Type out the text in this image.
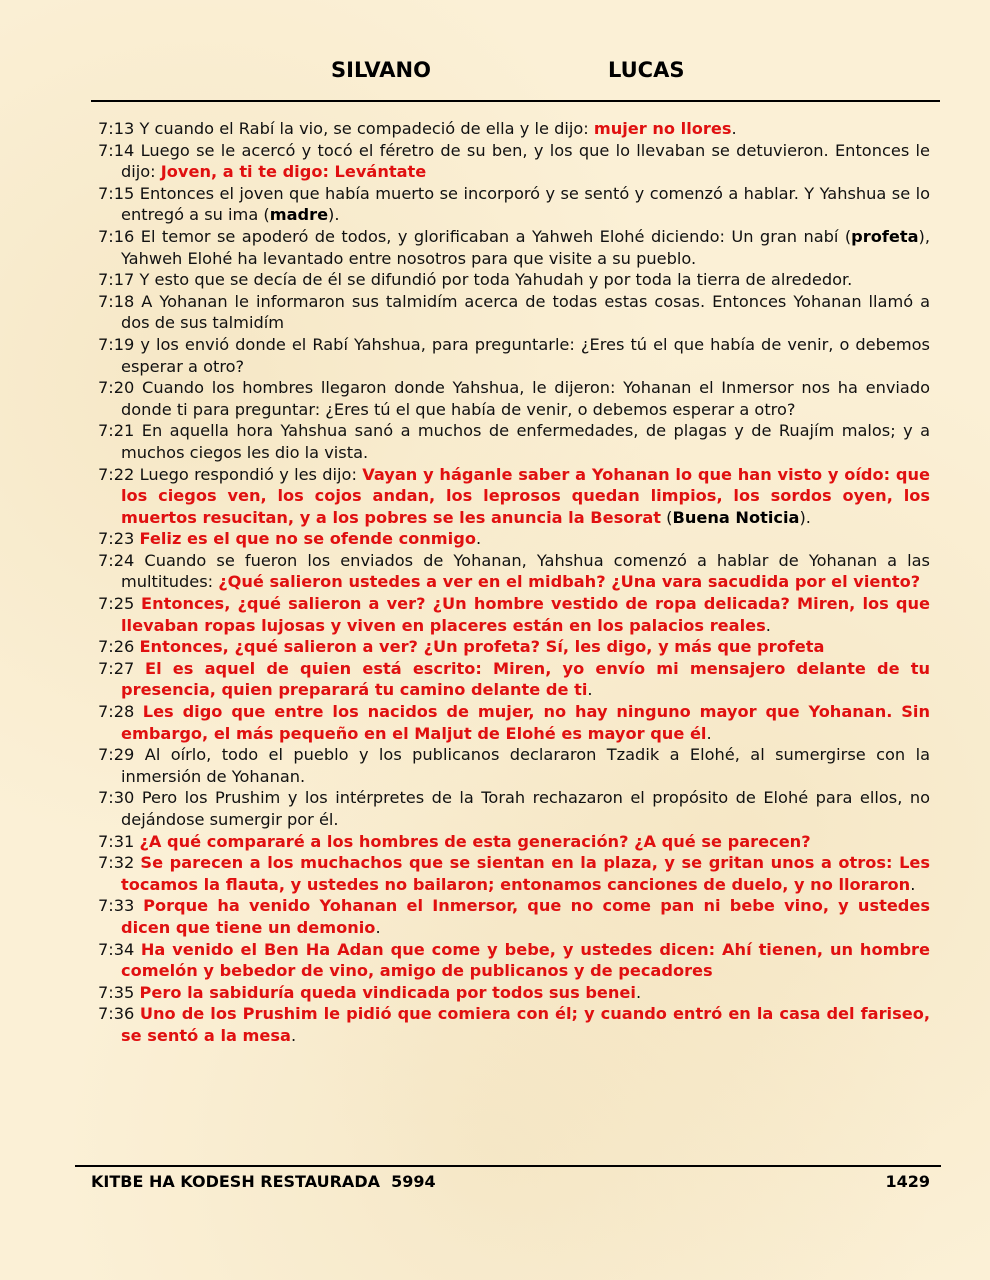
SILVANO	LUCAS

7:13 Y cuando el Rabí la vio, se compadeció de ella y le dijo: mujer no llores.

7:14 Luego se le acercó y tocó el féretro de su ben, y los que lo llevaban se detuvieron. Entonces le dijo: Joven, a ti te digo: Levántate

7:15 Entonces el joven que había muerto se incorporó y se sentó y comenzó a hablar. Y Yahshua se lo entregó a su ima (madre).

7:16 El temor se apoderó de todos, y glorificaban a Yahweh Elohé diciendo: Un gran nabí (profeta), Yahweh Elohé ha levantado entre nosotros para que visite a su pueblo.

7:17 Y esto que se decía de él se difundió por toda Yahudah y por toda la tierra de alrededor.

7:18 A Yohanan le informaron sus talmidím acerca de todas estas cosas. Entonces Yohanan llamó a dos de sus talmidím

7:19 y los envió donde el Rabí Yahshua, para preguntarle: ¿Eres tú el que había de venir, o debemos esperar a otro?

7:20 Cuando los hombres llegaron donde Yahshua, le dijeron: Yohanan el Inmersor nos ha enviado donde ti para preguntar: ¿Eres tú el que había de venir, o debemos esperar a otro?

7:21 En aquella hora Yahshua sanó a muchos de enfermedades, de plagas y de Ruajím malos; y a muchos ciegos les dio la vista.

7:22 Luego respondió y les dijo: Vayan y háganle saber a Yohanan lo que han visto y oído: que los ciegos ven, los cojos andan, los leprosos quedan limpios, los sordos oyen, los muertos resucitan, y a los pobres se les anuncia la Besorat (Buena Noticia).

7:23 Feliz es el que no se ofende conmigo.

7:24 Cuando se fueron los enviados de Yohanan, Yahshua comenzó a hablar de Yohanan a las multitudes: ¿Qué salieron ustedes a ver en el midbah? ¿Una vara sacudida por el viento?

7:25 Entonces, ¿qué salieron a ver? ¿Un hombre vestido de ropa delicada? Miren, los que llevaban ropas lujosas y viven en placeres están en los palacios reales.

7:26 Entonces, ¿qué salieron a ver? ¿Un profeta? Sí, les digo, y más que profeta

7:27 El es aquel de quien está escrito: Miren, yo envío mi mensajero delante de tu presencia, quien preparará tu camino delante de ti.

7:28 Les digo que entre los nacidos de mujer, no hay ninguno mayor que Yohanan. Sin embargo, el más pequeño en el Maljut de Elohé es mayor que él.

7:29 Al oírlo, todo el pueblo y los publicanos declararon Tzadik a Elohé, al sumergirse con la inmersión de Yohanan.

7:30 Pero los Prushim y los intérpretes de la Torah rechazaron el propósito de Elohé para ellos, no dejándose sumergir por él.

7:31 ¿A qué compararé a los hombres de esta generación? ¿A qué se parecen?

7:32 Se parecen a los muchachos que se sientan en la plaza, y se gritan unos a otros: Les tocamos la flauta, y ustedes no bailaron; entonamos canciones de duelo, y no lloraron.

7:33 Porque ha venido Yohanan el Inmersor, que no come pan ni bebe vino, y ustedes dicen que tiene un demonio.

7:34 Ha venido el Ben Ha Adan que come y bebe, y ustedes dicen: Ahí tienen, un hombre comelón y bebedor de vino, amigo de publicanos y de pecadores

7:35 Pero la sabiduría queda vindicada por todos sus benei.

7:36 Uno de los Prushim le pidió que comiera con él; y cuando entró en la casa del fariseo, se sentó a la mesa.

KITBE HA KODESH RESTAURADA  5994	1429
